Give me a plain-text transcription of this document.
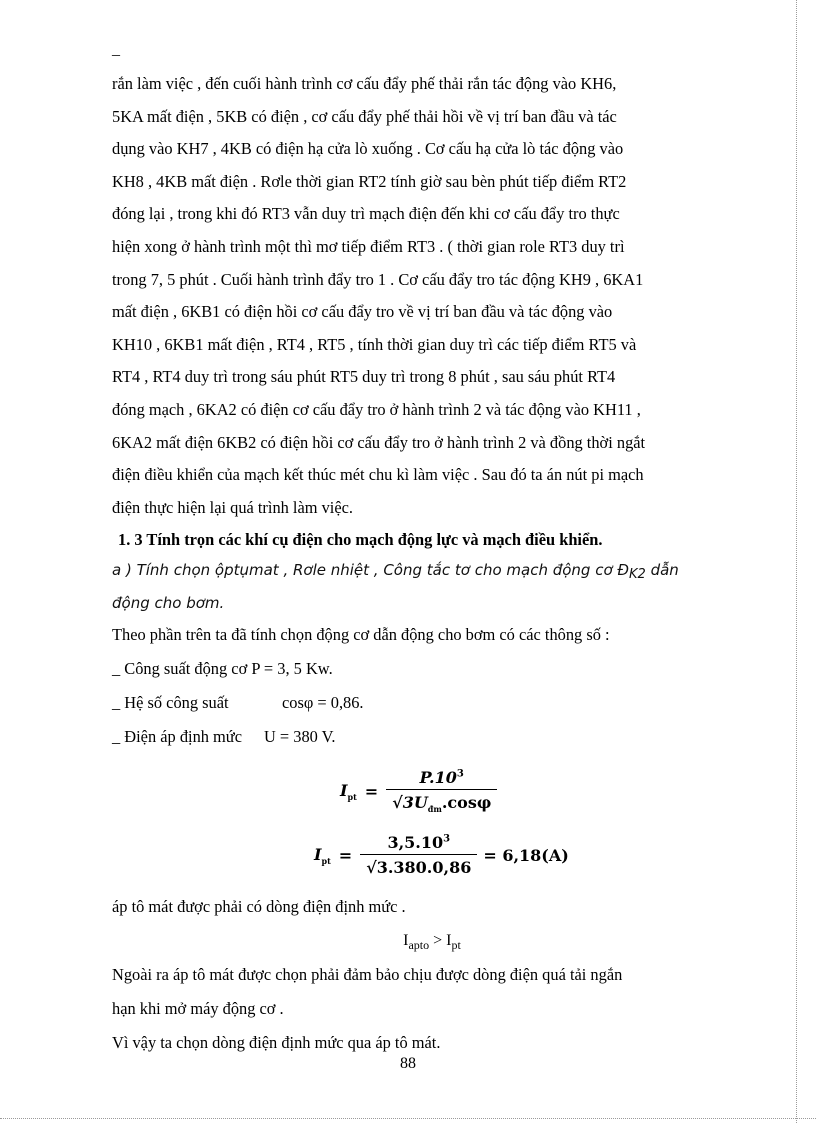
_

rắn làm việc , đến cuối hành trình cơ cấu đẩy phế thải rắn tác động vào KH6,
5KA mất điện , 5KB có điện , cơ cấu đẩy phế thải hồi về vị trí ban đầu và tác
dụng vào KH7 , 4KB có điện hạ cửa lò xuống . Cơ cấu hạ cửa lò tác động vào
KH8 , 4KB mất điện . Rơle thời gian RT2 tính giờ sau bèn phút tiếp điểm RT2
đóng lại , trong khi đó RT3 vẫn duy trì mạch điện đến khi cơ cấu đẩy tro thực
hiện xong ở hành trình một thì mơ tiếp điểm RT3 . ( thời gian role RT3 duy trì
trong 7, 5 phút . Cuối hành trình đẩy tro 1 . Cơ cấu đẩy tro tác động KH9 , 6KA1
mất điện , 6KB1 có điện hồi cơ cấu đẩy tro về vị trí ban đầu và tác động vào
KH10 , 6KB1 mất điện , RT4 , RT5 , tính thời gian duy trì các tiếp điểm RT5 và
RT4 , RT4 duy trì trong sáu phút RT5 duy trì trong 8 phút , sau sáu phút RT4
đóng mạch , 6KA2 có điện cơ cấu đẩy tro ở hành trình 2 và tác động vào KH11 ,
6KA2 mất điện 6KB2 có điện hồi cơ cấu đẩy tro ở hành trình 2 và đồng thời ngắt
điện điều khiển của mạch kết thúc mét chu kì làm việc . Sau đó ta án nút pi mạch
điện thực hiện lại quá trình làm việc.

1. 3 Tính trọn các khí cụ điện cho mạch động lực và mạch điều khiển.

a ) Tính chọn ộptụmat , Rơle nhiệt , Công tắc tơ cho mạch động cơ $Đ_{K2}$ dẫn
động cho bơm.

Theo phần trên ta đã tính chọn động cơ dẫn động cho bơm có các thông số :

_ Công suất động cơ P = 3, 5 Kw.

_ Hệ số công suất	cosφ = 0,86.

_ Điện áp định mức U = 380 V.

$I_{pt} = \frac{P.10^3}{√3U_{đm}.\cos\varphi}$
$I_{pt} = \frac{3,5.10^3}{√3.380.0,86} = 6,18(A)$

áp tô mát được phải có dòng điện định mức .

$I_{apto} > I_{pt}$

Ngoài ra áp tô mát được chọn phải đảm bảo chịu được dòng điện quá tải ngắn

hạn khi mở máy động cơ .

Vì vậy ta chọn dòng điện định mức qua áp tô mát.

88
